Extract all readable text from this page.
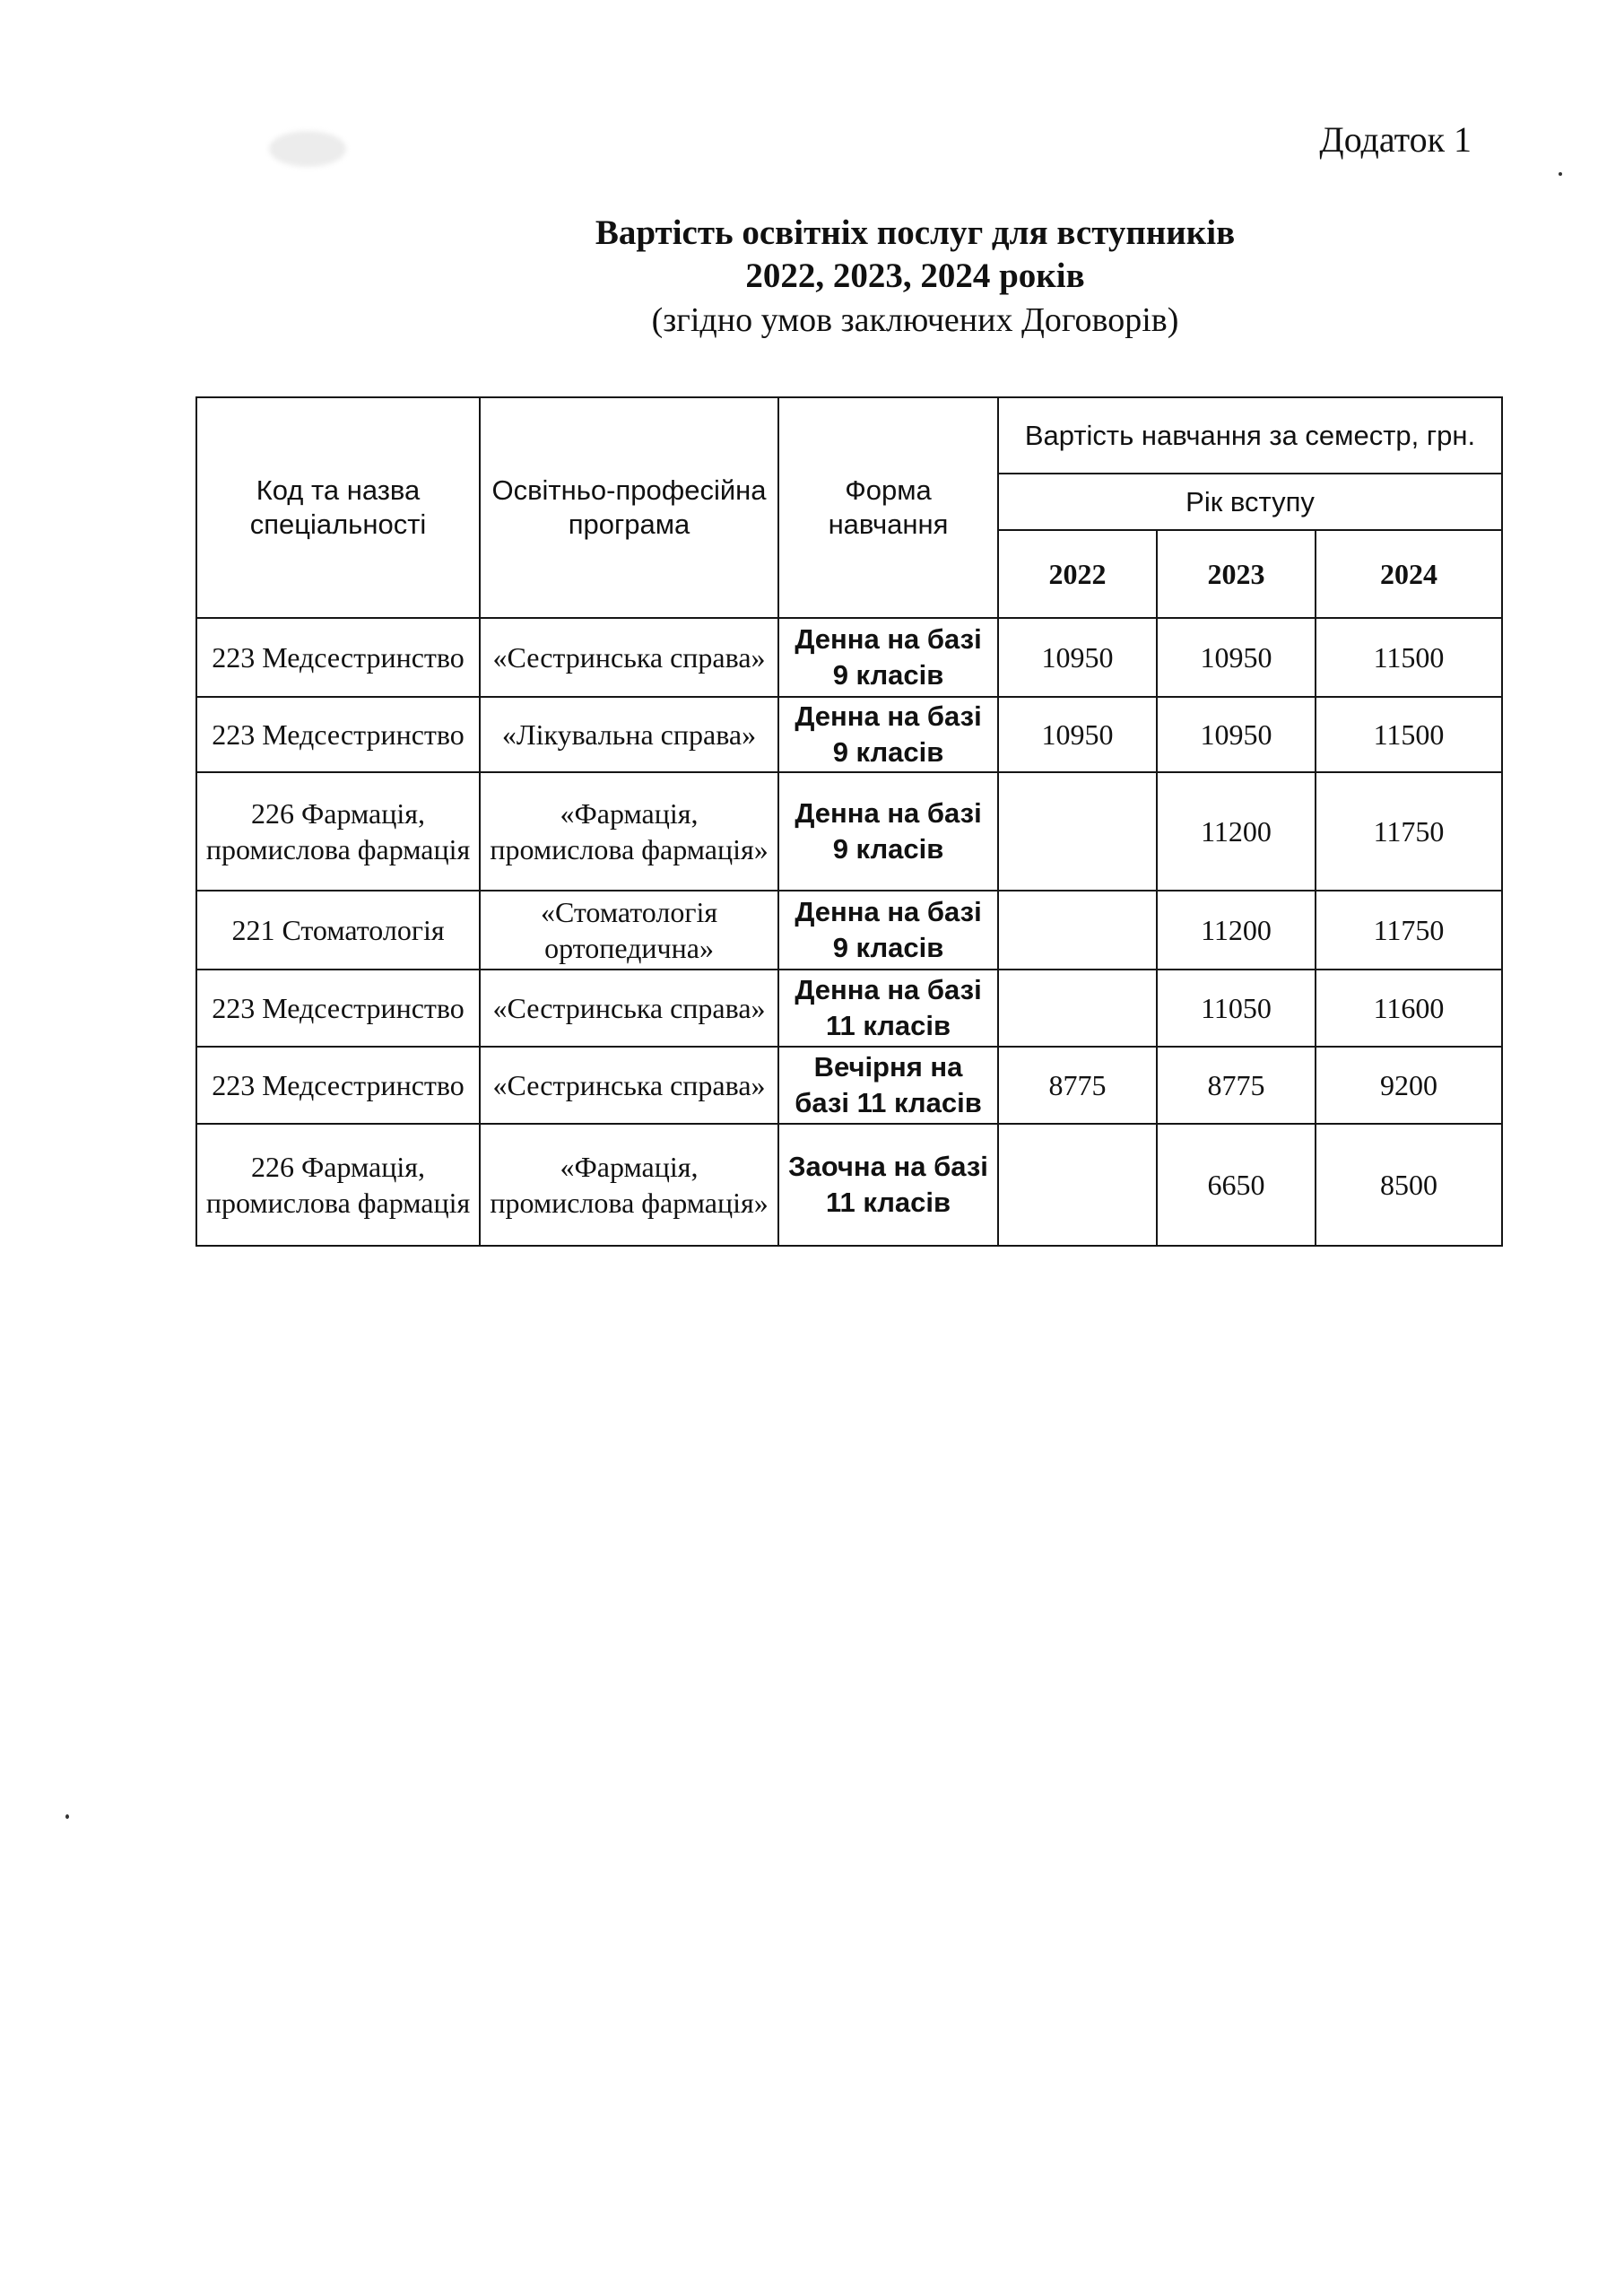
Додаток 1
Вартість освітніх послуг для вступників
2022, 2023, 2024 років
(згідно умов заключених Договорів)
Код та назва спеціальності	Освітньо-професійна програма	Форма навчання	Вартість навчання за семестр, грн.		
			Рік вступу		
			2022	2023	2024
223 Медсестринство	«Сестринська справа»	Денна на базі 9 класів	10950	10950	11500
223 Медсестринство	«Лікувальна справа»	Денна на базі 9 класів	10950	10950	11500
226 Фармація, промислова фармація	«Фармація, промислова фармація»	Денна на базі 9 класів		11200	11750
221 Стоматологія	«Стоматологія ортопедична»	Денна на базі 9 класів		11200	11750
223 Медсестринство	«Сестринська справа»	Денна на базі 11 класів		11050	11600
223 Медсестринство	«Сестринська справа»	Вечірня на базі 11 класів	8775	8775	9200
226 Фармація, промислова фармація	«Фармація, промислова фармація»	Заочна на базі 11 класів		6650	8500
